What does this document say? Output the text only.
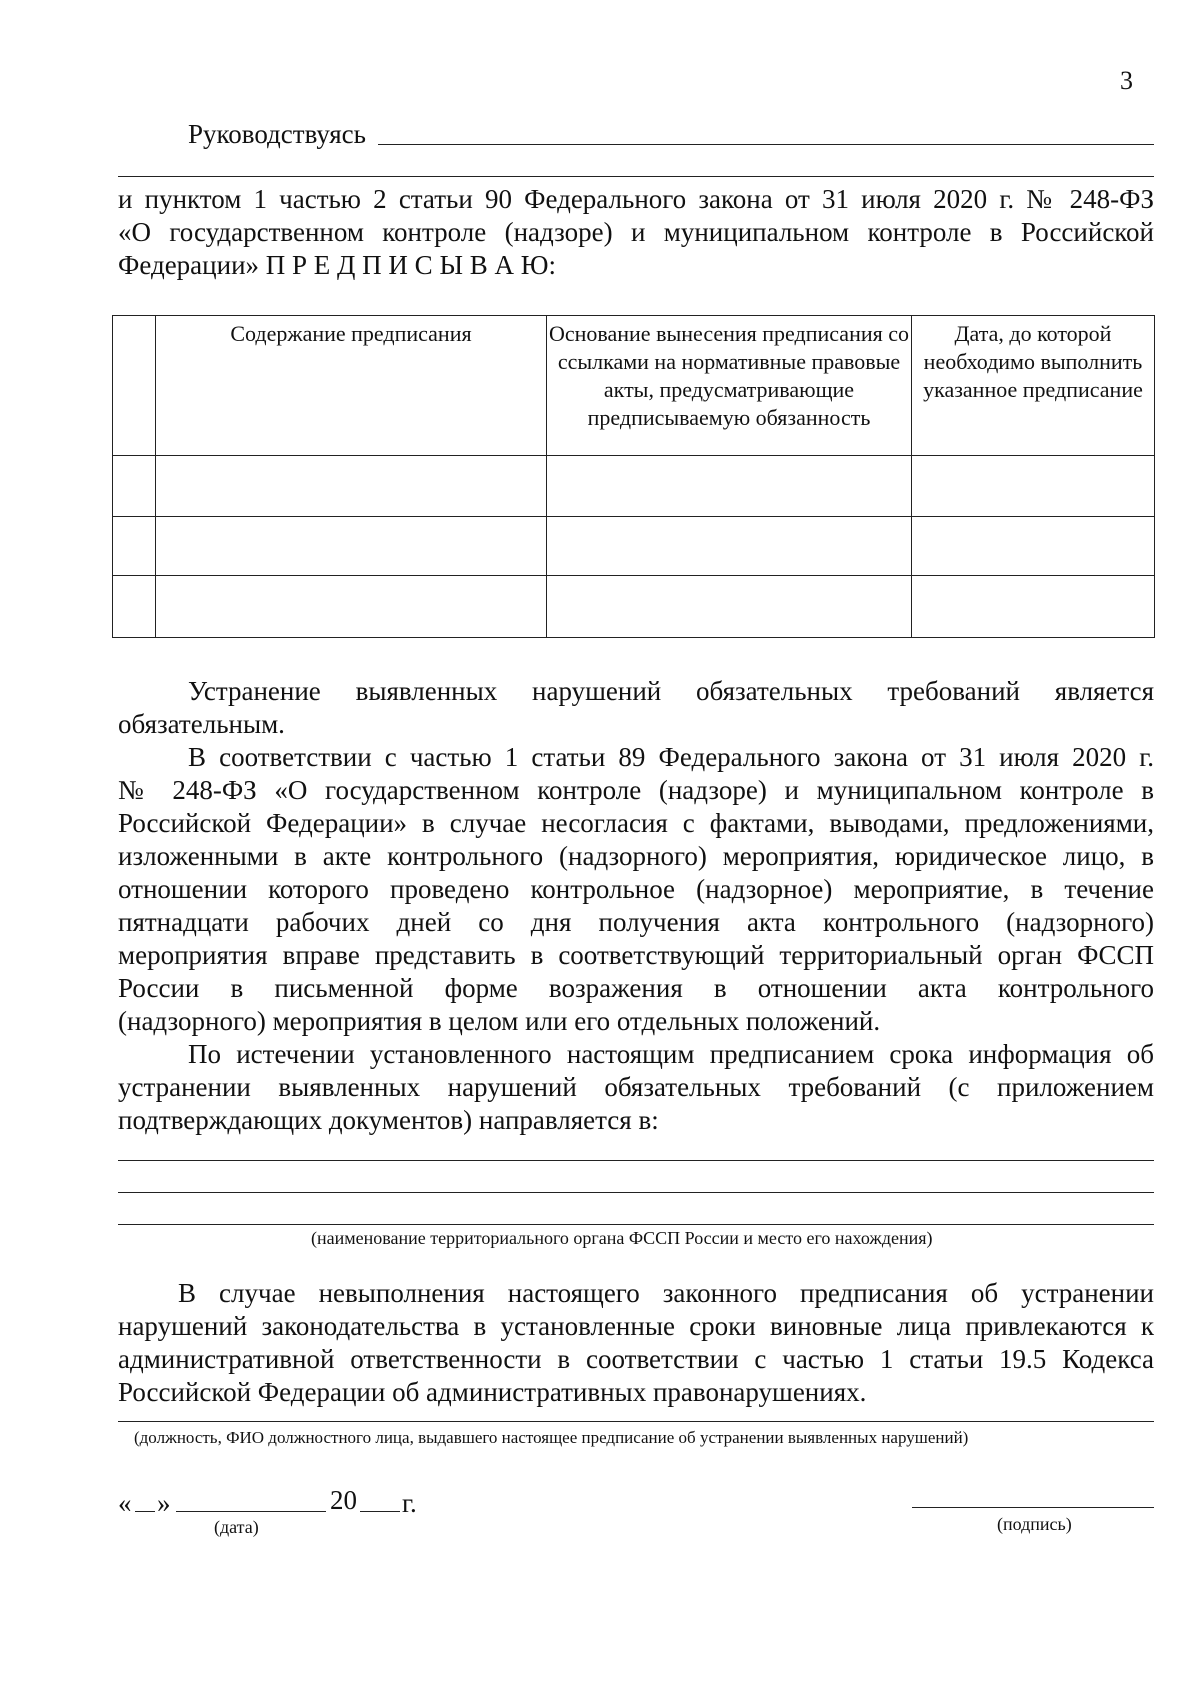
3
Руководствуясь
и пунктом 1 частью 2 статьи 90 Федерального закона от 31 июля 2020 г. № 248-ФЗ
«О государственном контроле (надзоре) и муниципальном контроле в Российской
Федерации» П Р Е Д П И С Ы В А Ю:
	Содержание предписания	Основание вынесения предписания со ссылками на нормативные правовые акты, предусматривающие предписываемую обязанность	Дата, до которой необходимо выполнить указанное предписание

Устранение выявленных нарушений обязательных требований является
обязательным.
В соответствии с частью 1 статьи 89 Федерального закона от 31 июля 2020 г.
№ 248-ФЗ «О государственном контроле (надзоре) и муниципальном контроле в
Российской Федерации» в случае несогласия с фактами, выводами, предложениями,
изложенными в акте контрольного (надзорного) мероприятия, юридическое лицо, в
отношении которого проведено контрольное (надзорное) мероприятие, в течение
пятнадцати рабочих дней со дня получения акта контрольного (надзорного)
мероприятия вправе представить в соответствующий территориальный орган ФССП
России в письменной форме возражения в отношении акта контрольного
(надзорного) мероприятия в целом или его отдельных положений.
По истечении установленного настоящим предписанием срока информация об
устранении выявленных нарушений обязательных требований (с приложением
подтверждающих документов) направляется в:
(наименование территориального органа ФССП России и место его нахождения)
В случае невыполнения настоящего законного предписания об устранении
нарушений законодательства в установленные сроки виновные лица привлекаются к
административной ответственности в соответствии с частью 1 статьи 19.5 Кодекса
Российской Федерации об административных правонарушениях.
(должность, ФИО должностного лица, выдавшего настоящее предписание об устранении выявленных нарушений)
« »	20 г.
(дата)	(подпись)
